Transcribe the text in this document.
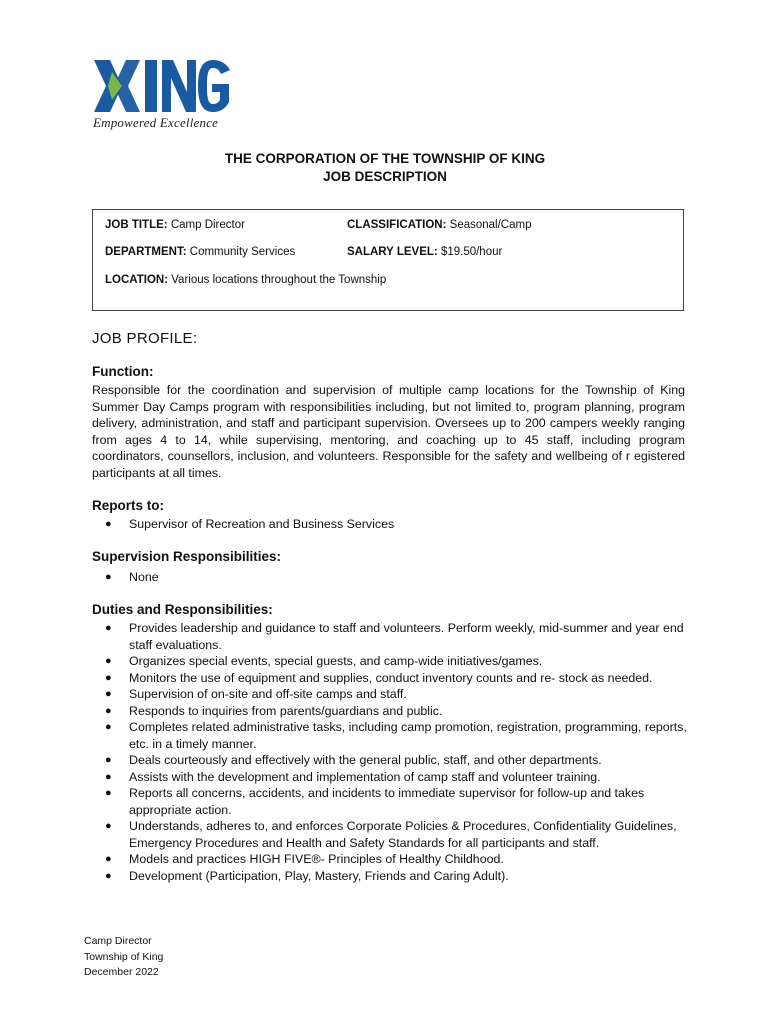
Empowered Excellence
THE CORPORATION OF THE TOWNSHIP OF KING
JOB DESCRIPTION
JOB TITLE: Camp Director	CLASSIFICATION: Seasonal/Camp
DEPARTMENT: Community Services	SALARY LEVEL: $19.50/hour
LOCATION: Various locations throughout the Township
JOB PROFILE:
Function:
Responsible for the coordination and supervision of multiple camp locations for the Township of King Summer Day Camps program with responsibilities including, but not limited to, program planning, program delivery, administration, and staff and participant supervision. Oversees up to 200 campers weekly ranging from ages 4 to 14, while supervising, mentoring, and coaching up to 45 staff, including program coordinators, counsellors, inclusion, and volunteers. Responsible for the safety and wellbeing of r egistered participants at all times.
Reports to:
● Supervisor of Recreation and Business Services
Supervision Responsibilities:
● None
Duties and Responsibilities:
● Provides leadership and guidance to staff and volunteers. Perform weekly, mid-summer and year end staff evaluations.
● Organizes special events, special guests, and camp-wide initiatives/games.
● Monitors the use of equipment and supplies, conduct inventory counts and re- stock as needed.
● Supervision of on-site and off-site camps and staff.
● Responds to inquiries from parents/guardians and public.
● Completes related administrative tasks, including camp promotion, registration, programming, reports, etc. in a timely manner.
● Deals courteously and effectively with the general public, staff, and other departments.
● Assists with the development and implementation of camp staff and volunteer training.
● Reports all concerns, accidents, and incidents to immediate supervisor for follow-up and takes appropriate action.
● Understands, adheres to, and enforces Corporate Policies & Procedures, Confidentiality Guidelines, Emergency Procedures and Health and Safety Standards for all participants and staff.
● Models and practices HIGH FIVE®- Principles of Healthy Childhood.
● Development (Participation, Play, Mastery, Friends and Caring Adult).
Camp Director
Township of King
December 2022
